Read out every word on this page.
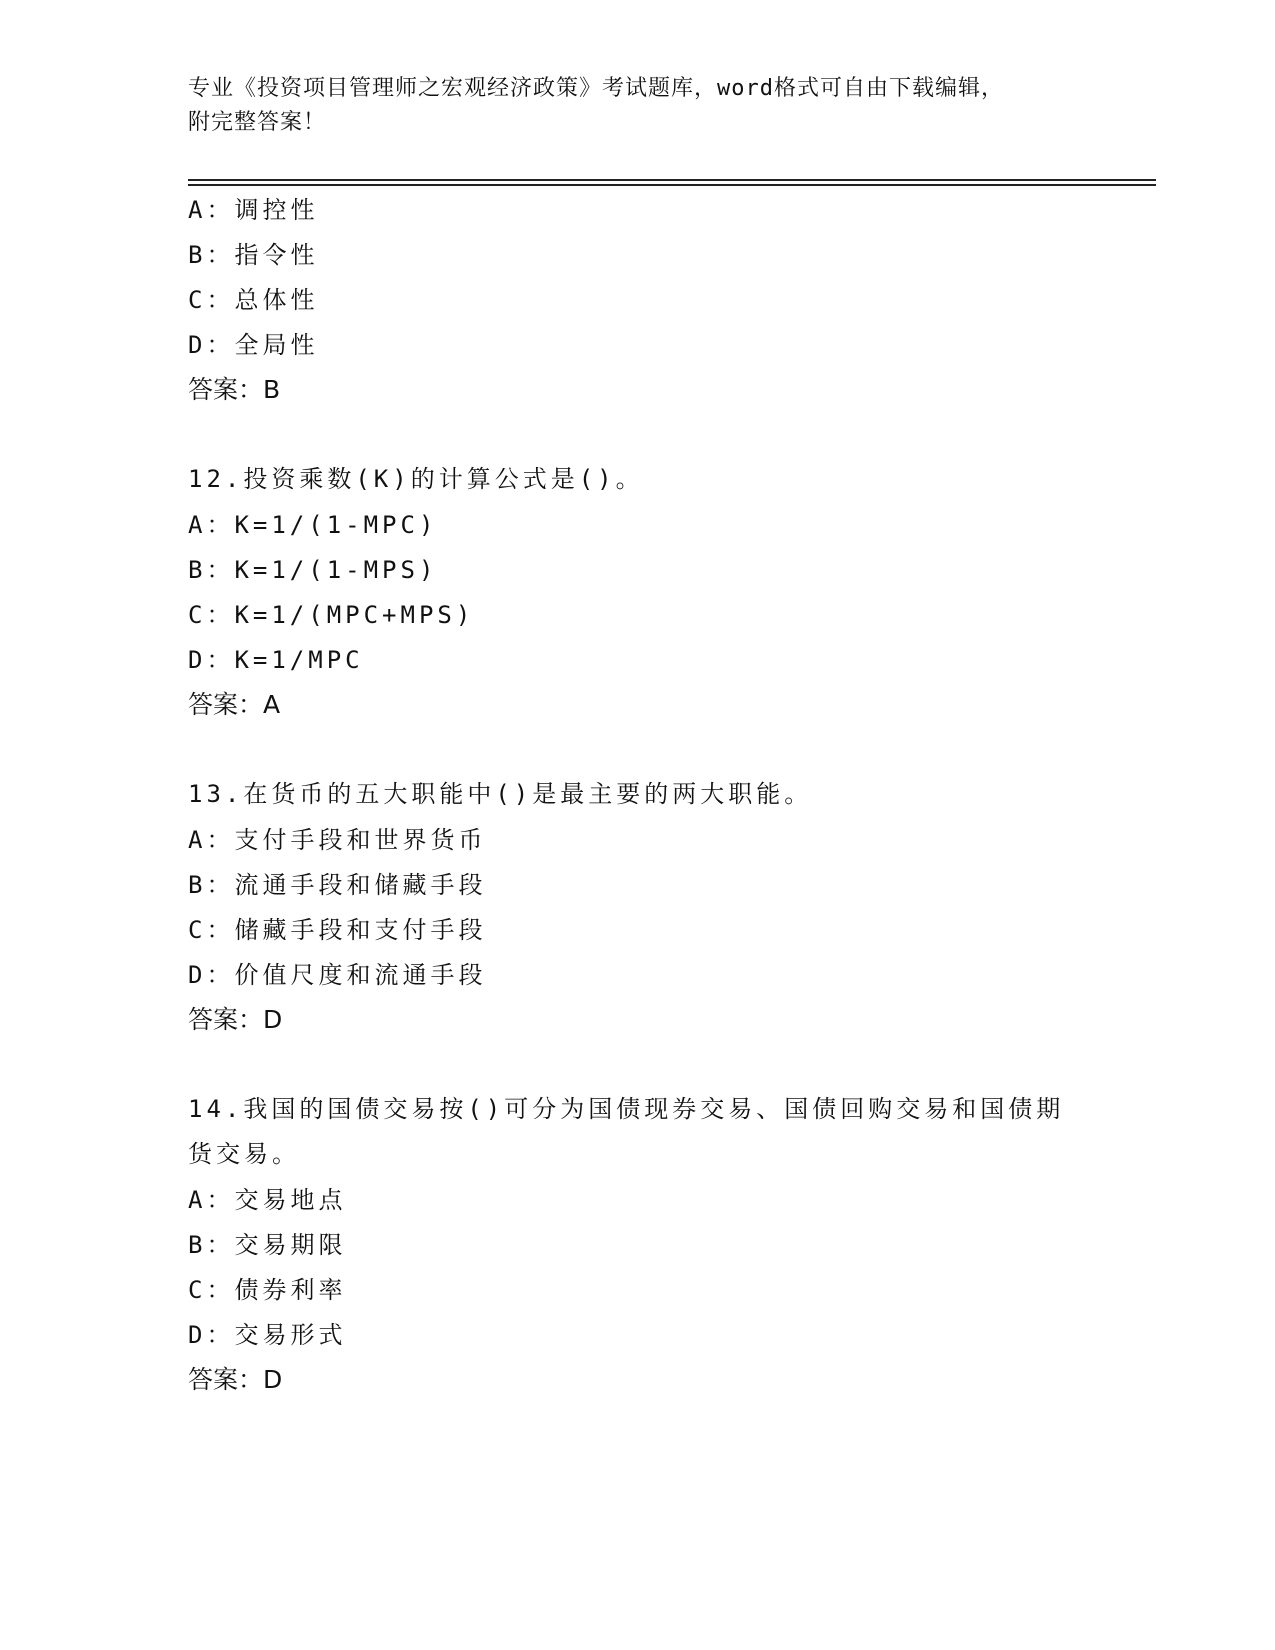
专业《投资项目管理师之宏观经济政策》考试题库，word格式可自由下载编辑，
附完整答案！
A：调控性
B：指令性
C：总体性
D：全局性
答案：B
12.投资乘数(K)的计算公式是()。
A：K=1/(1-MPC)
B：K=1/(1-MPS)
C：K=1/(MPC+MPS)
D：K=1/MPC
答案：A
13.在货币的五大职能中()是最主要的两大职能。
A：支付手段和世界货币
B：流通手段和储藏手段
C：储藏手段和支付手段
D：价值尺度和流通手段
答案：D
14.我国的国债交易按()可分为国债现券交易、国债回购交易和国债期
货交易。
A：交易地点
B：交易期限
C：债券利率
D：交易形式
答案：D
